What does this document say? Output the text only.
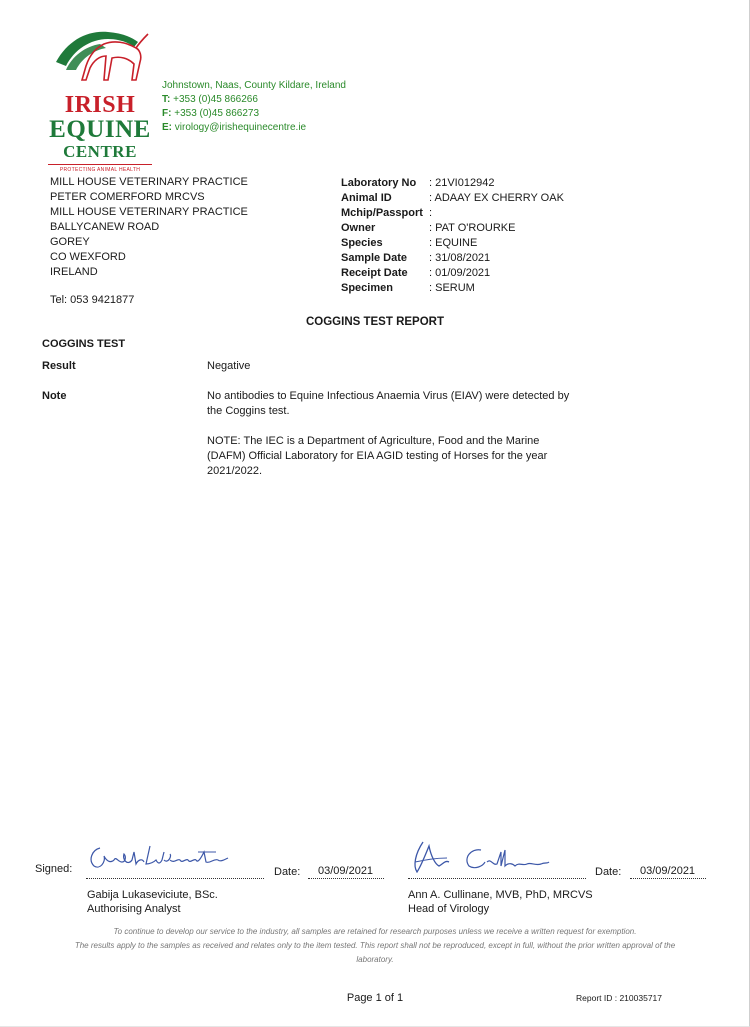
IRISH
EQUINE
CENTRE
PROTECTING ANIMAL HEALTH
Johnstown, Naas, County Kildare, Ireland
T: +353 (0)45 866266
F: +353 (0)45 866273
E: virology@irishequinecentre.ie
MILL HOUSE VETERINARY PRACTICE
PETER COMERFORD MRCVS
MILL HOUSE VETERINARY PRACTICE
BALLYCANEW ROAD
GOREY
CO WEXFORD
IRELAND
Tel: 053 9421877
Laboratory No	: 21VI012942
Animal ID	: ADAAY EX CHERRY OAK
Mchip/Passport :
Owner	: PAT O'ROURKE
Species	: EQUINE
Sample Date	: 31/08/2021
Receipt Date	: 01/09/2021
Specimen	: SERUM
COGGINS TEST REPORT
COGGINS TEST
Result	Negative
Note	No antibodies to Equine Infectious Anaemia Virus (EIAV) were detected by the Coggins test.
NOTE: The IEC is a Department of Agriculture, Food and the Marine (DAFM) Official Laboratory for EIA AGID testing of Horses for the year 2021/2022.
Signed:	Date: 03/09/2021
Gabija Lukaseviciute, BSc.
Authorising Analyst
Date: 03/09/2021
Ann A. Cullinane, MVB, PhD, MRCVS
Head of Virology
To continue to develop our service to the industry, all samples are retained for research purposes unless we receive a written request for exemption.
The results apply to the samples as received and relates only to the item tested. This report shall not be reproduced, except in full, without the prior written approval of the laboratory.
Page 1 of 1	Report ID : 210035717
